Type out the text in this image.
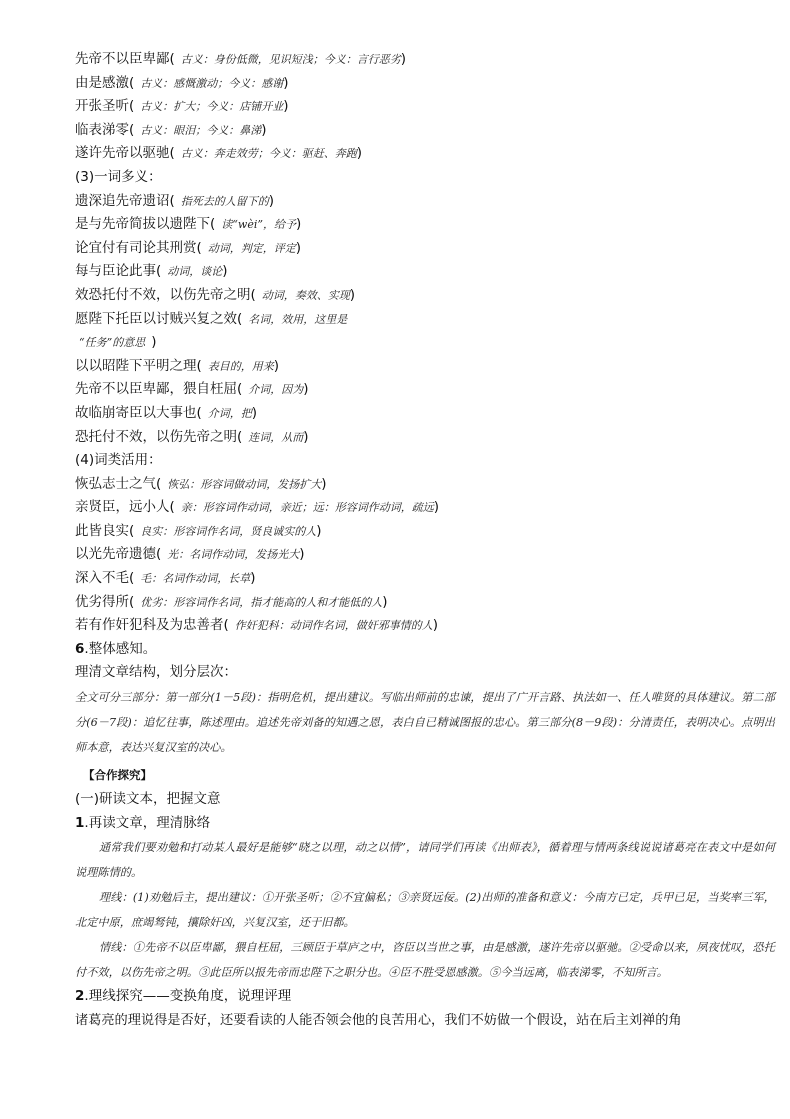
先帝不以臣卑鄙( 古义：身份低微，见识短浅；今义：言行恶劣)
由是感激( 古义：感慨激动；今义：感谢)
开张圣听( 古义：扩大；今义：店铺开业)
临表涕零( 古义：眼泪；今义：鼻涕)
遂许先帝以驱驰( 古义：奔走效劳；今义：驱赶、奔跑)
(3)一词多义：
遗深追先帝遗诏( 指死去的人留下的)
是与先帝简拔以遗陛下( 读“wèi”，给予)
论宜付有司论其刑赏( 动词，判定，评定)
每与臣论此事( 动词，谈论)
效恐托付不效，以伤先帝之明( 动词，奏效、实现)
愿陛下托臣以讨贼兴复之效( 名词，效用，这里是
“任务”的意思 )
以以昭陛下平明之理( 表目的，用来)
先帝不以臣卑鄙，猥自枉屈( 介词，因为)
故临崩寄臣以大事也( 介词，把)
恐托付不效，以伤先帝之明( 连词，从而)
(4)词类活用：
恢弘志士之气( 恢弘：形容词做动词，发扬扩大)
亲贤臣，远小人( 亲：形容词作动词，亲近；远：形容词作动词，疏远)
此皆良实( 良实：形容词作名词，贤良诚实的人)
以光先帝遗德( 光：名词作动词，发扬光大)
深入不毛( 毛：名词作动词，长草)
优劣得所( 优劣：形容词作名词，指才能高的人和才能低的人)
若有作奸犯科及为忠善者( 作奸犯科：动词作名词，做奸邪事情的人)
6.整体感知。
理清文章结构，划分层次：
全文可分三部分：第一部分(1－5段)：指明危机，提出建议。写临出师前的忠谏，提出了广开言路、执法如一、任人唯贤的具体建议。第二部分(6－7段)：追忆往事，陈述理由。追述先帝刘备的知遇之恩，表白自已精诚图报的忠心。第三部分(8－9段)：分清责任，表明决心。点明出师本意，表达兴复汉室的决心。
【合作探究】
(一)研读文本，把握文意
1.再读文章，理清脉络
通常我们要劝勉和打动某人最好是能够“晓之以理，动之以情”，请同学们再读《出师表》，循着理与情两条线说说诸葛亮在表文中是如何说理陈情的。
理线：(1)劝勉后主，提出建议：①开张圣听；②不宜偏私；③亲贤远佞。(2)出师的准备和意义：今南方已定，兵甲已足，当奖率三军，北定中原，庶竭驽钝，攘除奸凶，兴复汉室，还于旧都。
情线：①先帝不以臣卑鄙，猥自枉屈，三顾臣于草庐之中，咨臣以当世之事，由是感激，遂许先帝以驱驰。②受命以来，夙夜忧叹，恐托付不效，以伤先帝之明。③此臣所以报先帝而忠陛下之职分也。④臣不胜受恩感激。⑤今当远离，临表涕零，不知所言。
2.理线探究——变换角度，说理评理
诸葛亮的理说得是否好，还要看读的人能否领会他的良苦用心，我们不妨做一个假设，站在后主刘禅的角
